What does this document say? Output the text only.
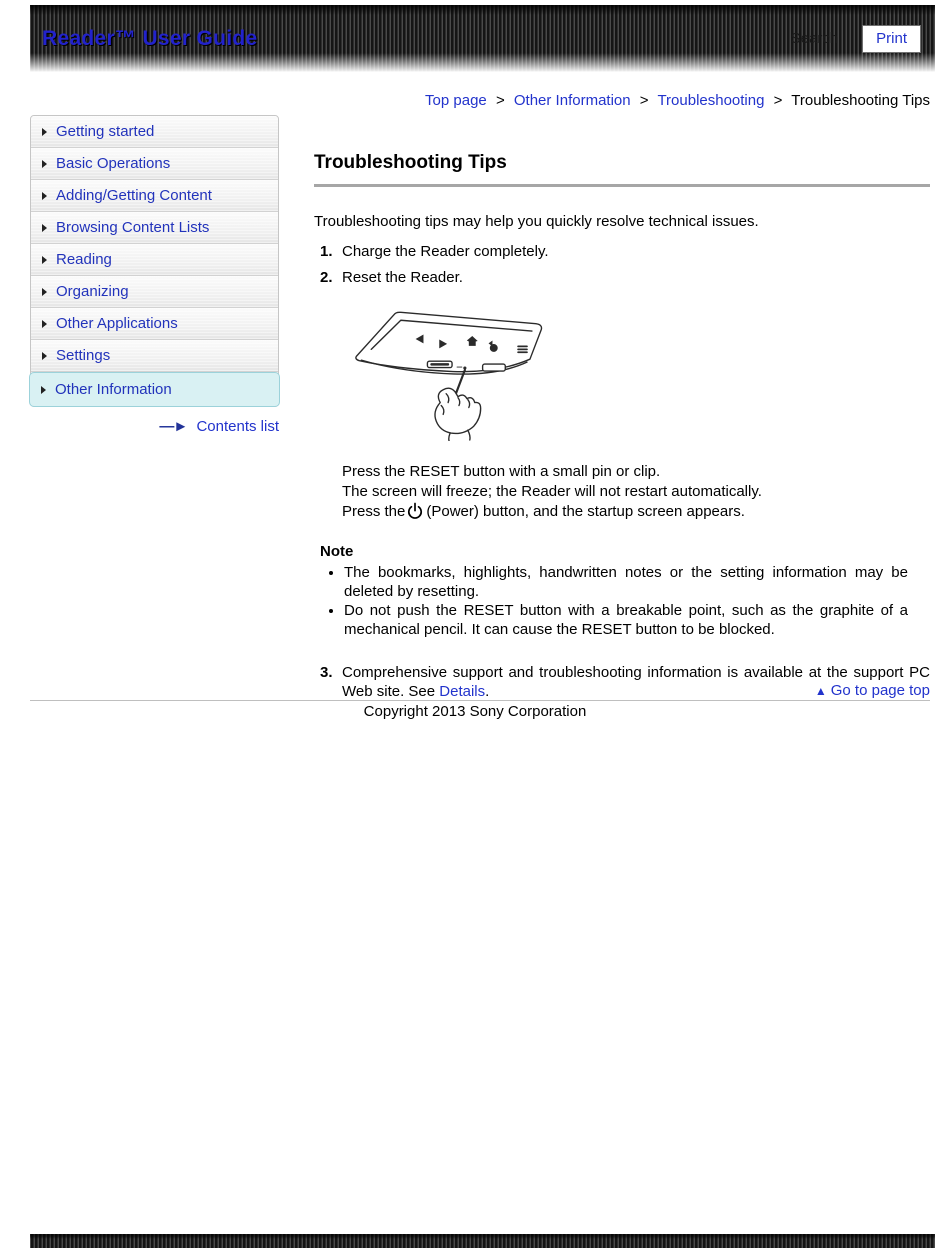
Reader™ User Guide	Search	Print
Top page > Other Information > Troubleshooting > Troubleshooting Tips
Getting started
Basic Operations
Adding/Getting Content
Browsing Content Lists
Reading
Organizing
Other Applications
Settings
Other Information
—► Contents list
Troubleshooting Tips

Troubleshooting tips may help you quickly resolve technical issues.

1. Charge the Reader completely.
2. Reset the Reader.

Press the RESET button with a small pin or clip.

The screen will freeze; the Reader will not restart automatically.

Press the (Power) button, and the startup screen appears.

Note
• The bookmarks, highlights, handwritten notes or the setting information may be deleted by resetting.
• Do not push the RESET button with a breakable point, such as the graphite of a mechanical pencil. It can cause the RESET button to be blocked.
3. Comprehensive support and troubleshooting information is available at the support PC Web site. See Details.	▲ Go to page top
Copyright 2013 Sony Corporation
